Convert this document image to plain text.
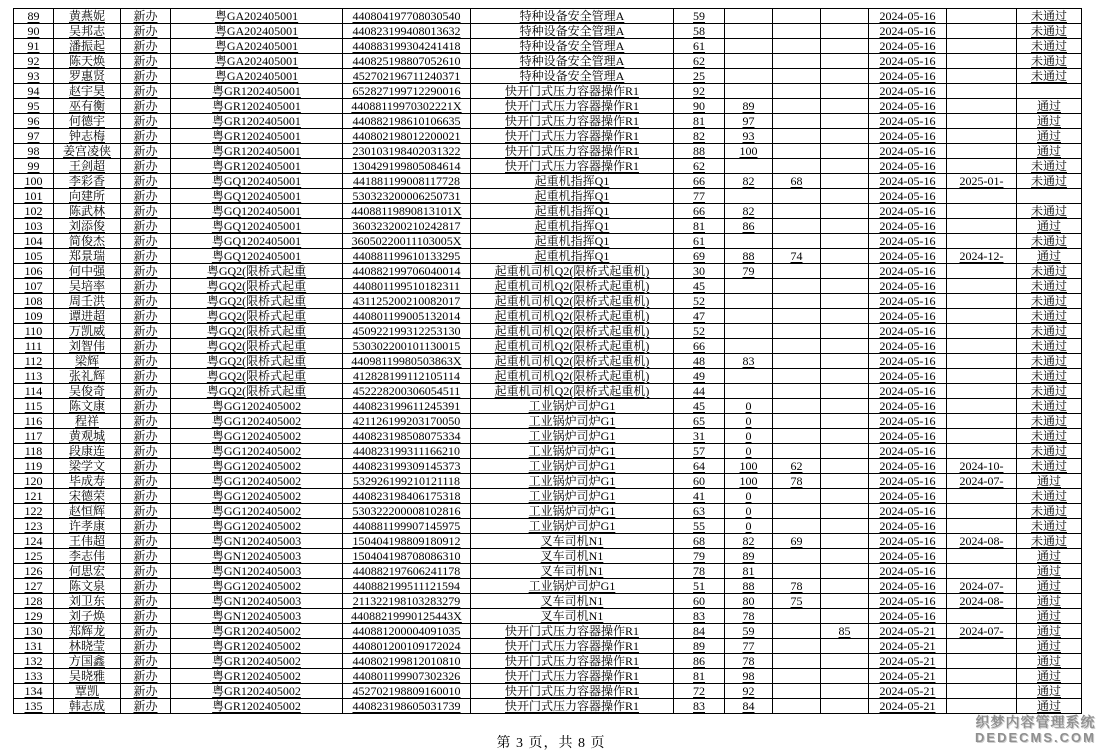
89	黄燕妮	新办	粤GA202405001	440804197708030540	特种设备安全管理A	59				2024-05-16		未通过
90	吴邦志	新办	粤GA202405001	440823199408013632	特种设备安全管理A	58				2024-05-16		未通过
91	潘振起	新办	粤GA202405001	440883199304241418	特种设备安全管理A	61				2024-05-16		未通过
92	陈天焕	新办	粤GA202405001	440825198807052610	特种设备安全管理A	62				2024-05-16		未通过
93	罗惠贤	新办	粤GA202405001	452702196711240371	特种设备安全管理A	25				2024-05-16		未通过
94	赵宇昊	新办	粤GR1202405001	652827199712290016	快开门式压力容器操作R1	92				2024-05-16		
95	巫有衡	新办	粤GR1202405001	44088119970302221X	快开门式压力容器操作R1	90	89			2024-05-16		通过
96	何德宇	新办	粤GR1202405001	440882198610106635	快开门式压力容器操作R1	81	97			2024-05-16		通过
97	钟志梅	新办	粤GR1202405001	440802198012200021	快开门式压力容器操作R1	82	93			2024-05-16		通过
98	姜宫凌侠	新办	粤GR1202405001	230103198402031322	快开门式压力容器操作R1	88	100			2024-05-16		通过
99	王剑超	新办	粤GR1202405001	130429199805084614	快开门式压力容器操作R1	62				2024-05-16		未通过
100	李彩香	新办	粤GQ1202405001	441881199008117728	起重机指挥Q1	66	82	68		2024-05-16	2025-01-	未通过
101	向建所	新办	粤GQ1202405001	530323200006250731	起重机指挥Q1	77				2024-05-16		
102	陈武林	新办	粤GQ1202405001	44088119890813101X	起重机指挥Q1	66	82			2024-05-16		未通过
103	刘添俊	新办	粤GQ1202405001	360323200210242817	起重机指挥Q1	81	86			2024-05-16		通过
104	简俊杰	新办	粤GQ1202405001	36050220011103005X	起重机指挥Q1	61				2024-05-16		未通过
105	郑景瑞	新办	粤GQ1202405001	440881199610133295	起重机指挥Q1	69	88	74		2024-05-16	2024-12-	通过
106	何中强	新办	粤GQ2(限桥式起重	440882199706040014	起重机司机Q2(限桥式起重机)	30	79			2024-05-16		未通过
107	吴培率	新办	粤GQ2(限桥式起重	440801199510182311	起重机司机Q2(限桥式起重机)	45				2024-05-16		未通过
108	周壬洪	新办	粤GQ2(限桥式起重	431125200210082017	起重机司机Q2(限桥式起重机)	52				2024-05-16		未通过
109	谭进超	新办	粤GQ2(限桥式起重	440801199005132014	起重机司机Q2(限桥式起重机)	47				2024-05-16		未通过
110	万凯威	新办	粤GQ2(限桥式起重	450922199312253130	起重机司机Q2(限桥式起重机)	52				2024-05-16		未通过
111	刘智伟	新办	粤GQ2(限桥式起重	530302200101130015	起重机司机Q2(限桥式起重机)	66				2024-05-16		未通过
112	梁辉	新办	粤GQ2(限桥式起重	44098119980503863X	起重机司机Q2(限桥式起重机)	48	83			2024-05-16		未通过
113	张礼辉	新办	粤GQ2(限桥式起重	412828199112105114	起重机司机Q2(限桥式起重机)	49				2024-05-16		未通过
114	吴俊奇	新办	粤GQ2(限桥式起重	452228200306054511	起重机司机Q2(限桥式起重机)	44				2024-05-16		未通过
115	陈文康	新办	粤GG1202405002	440823199611245391	工业锅炉司炉G1	45	0			2024-05-16		未通过
116	程祥	新办	粤GG1202405002	421126199203170050	工业锅炉司炉G1	65	0			2024-05-16		未通过
117	黄观城	新办	粤GG1202405002	440823198508075334	工业锅炉司炉G1	31	0			2024-05-16		未通过
118	段康连	新办	粤GG1202405002	440823199311166210	工业锅炉司炉G1	57	0			2024-05-16		未通过
119	梁学文	新办	粤GG1202405002	440823199309145373	工业锅炉司炉G1	64	100	62		2024-05-16	2024-10-	未通过
120	毕成寿	新办	粤GG1202405002	532926199210121118	工业锅炉司炉G1	60	100	78		2024-05-16	2024-07-	通过
121	宋德荣	新办	粤GG1202405002	440823198406175318	工业锅炉司炉G1	41	0			2024-05-16		未通过
122	赵恒辉	新办	粤GG1202405002	530322200008102816	工业锅炉司炉G1	63	0			2024-05-16		未通过
123	许孝康	新办	粤GG1202405002	440881199907145975	工业锅炉司炉G1	55	0			2024-05-16		未通过
124	王伟超	新办	粤GN1202405003	150404198809180912	叉车司机N1	68	82	69		2024-05-16	2024-08-	未通过
125	李志伟	新办	粤GN1202405003	150404198708086310	叉车司机N1	79	89			2024-05-16		通过
126	何思宏	新办	粤GN1202405003	440882197606241178	叉车司机N1	78	81			2024-05-16		通过
127	陈文泉	新办	粤GG1202405002	440882199511121594	工业锅炉司炉G1	51	88	78		2024-05-16	2024-07-	通过
128	刘卫东	新办	粤GN1202405003	211322198103283279	叉车司机N1	60	80	75		2024-05-16	2024-08-	通过
129	刘子焕	新办	粤GN1202405003	44088219990125443X	叉车司机N1	83	78			2024-05-16		通过
130	郑辉龙	新办	粤GR1202405002	440881200004091035	快开门式压力容器操作R1	84	59		85	2024-05-21	2024-07-	通过
131	林晓莹	新办	粤GR1202405002	440801200109172024	快开门式压力容器操作R1	89	77			2024-05-21		通过
132	方国鑫	新办	粤GR1202405002	440802199812010810	快开门式压力容器操作R1	86	78			2024-05-21		通过
133	吴晓雅	新办	粤GR1202405002	440801199907302326	快开门式压力容器操作R1	81	98			2024-05-21		通过
134	覃凯	新办	粤GR1202405002	452702198809160010	快开门式压力容器操作R1	72	92			2024-05-21		通过
135	韩志成	新办	粤GR1202405002	440823198605031739	快开门式压力容器操作R1	83	84			2024-05-21		通过
第 3 页，共 8 页
织梦内容管理系统
DEDECMS.COM
